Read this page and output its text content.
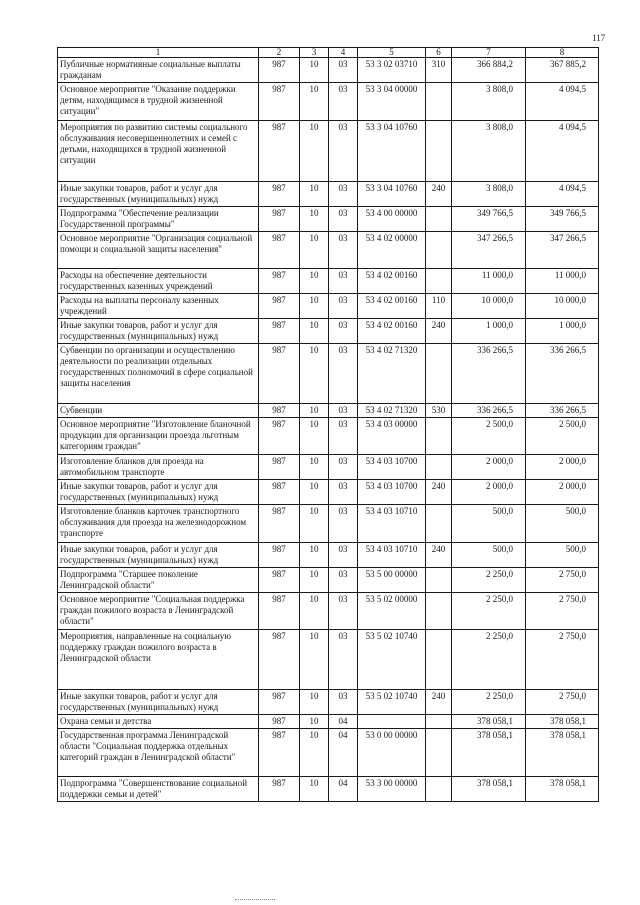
117
1	2	3	4	5	6	7	8
Публичные нормативные социальные выплаты гражданам	987	10	03	53 3 02 03710	310	366 884,2	367 885,2
Основное мероприятие "Оказание поддержки детям, находящимся в трудной жизненной ситуации"	987	10	03	53 3 04 00000		3 808,0	4 094,5
Мероприятия по развитию системы социального обслуживания несовершеннолетних и семей с детьми, находящихся в трудной жизненной ситуации	987	10	03	53 3 04 10760		3 808,0	4 094,5
Иные закупки товаров, работ и услуг для государственных (муниципальных) нужд	987	10	03	53 3 04 10760	240	3 808,0	4 094,5
Подпрограмма "Обеспечение реализации Государственной программы"	987	10	03	53 4 00 00000		349 766,5	349 766,5
Основное мероприятие "Организация социальной помощи и социальной защиты населения"	987	10	03	53 4 02 00000		347 266,5	347 266,5
Расходы на обеспечение деятельности государственных казенных учреждений	987	10	03	53 4 02 00160		11 000,0	11 000,0
Расходы на выплаты персоналу казенных учреждений	987	10	03	53 4 02 00160	110	10 000,0	10 000,0
Иные закупки товаров, работ и услуг для государственных (муниципальных) нужд	987	10	03	53 4 02 00160	240	1 000,0	1 000,0
Субвенции по организации и осуществлению деятельности по реализации отдельных государственных полномочий в сфере социальной защиты населения	987	10	03	53 4 02 71320		336 266,5	336 266,5
Субвенции	987	10	03	53 4 02 71320	530	336 266,5	336 266,5
Основное мероприятие "Изготовление бланочной продукции для организации проезда льготным категориям граждан"	987	10	03	53 4 03 00000		2 500,0	2 500,0
Изготовление бланков для проезда на автомобильном транспорте	987	10	03	53 4 03 10700		2 000,0	2 000,0
Иные закупки товаров, работ и услуг для государственных (муниципальных) нужд	987	10	03	53 4 03 10700	240	2 000,0	2 000,0
Изготовление бланков карточек транспортного обслуживания для проезда на железнодорожном транспорте	987	10	03	53 4 03 10710		500,0	500,0
Иные закупки товаров, работ и услуг для государственных (муниципальных) нужд	987	10	03	53 4 03 10710	240	500,0	500,0
Подпрограмма "Старшее поколение Ленинградской области"	987	10	03	53 5 00 00000		2 250,0	2 750,0
Основное мероприятие "Социальная поддержка граждан пожилого возраста в Ленинградской области"	987	10	03	53 5 02 00000		2 250,0	2 750,0
Мероприятия, направленные на социальную поддержку граждан пожилого возраста в Ленинградской области	987	10	03	53 5 02 10740		2 250,0	2 750,0
Иные закупки товаров, работ и услуг для государственных (муниципальных) нужд	987	10	03	53 5 02 10740	240	2 250,0	2 750,0
Охрана семьи и детства	987	10	04			378 058,1	378 058,1
Государственная программа Ленинградской области "Социальная поддержка отдельных категорий граждан в Ленинградской области"	987	10	04	53 0 00 00000		378 058,1	378 058,1
Подпрограмма "Совершенствование социальной поддержки семьи и детей"	987	10	04	53 3 00 00000		378 058,1	378 058,1
